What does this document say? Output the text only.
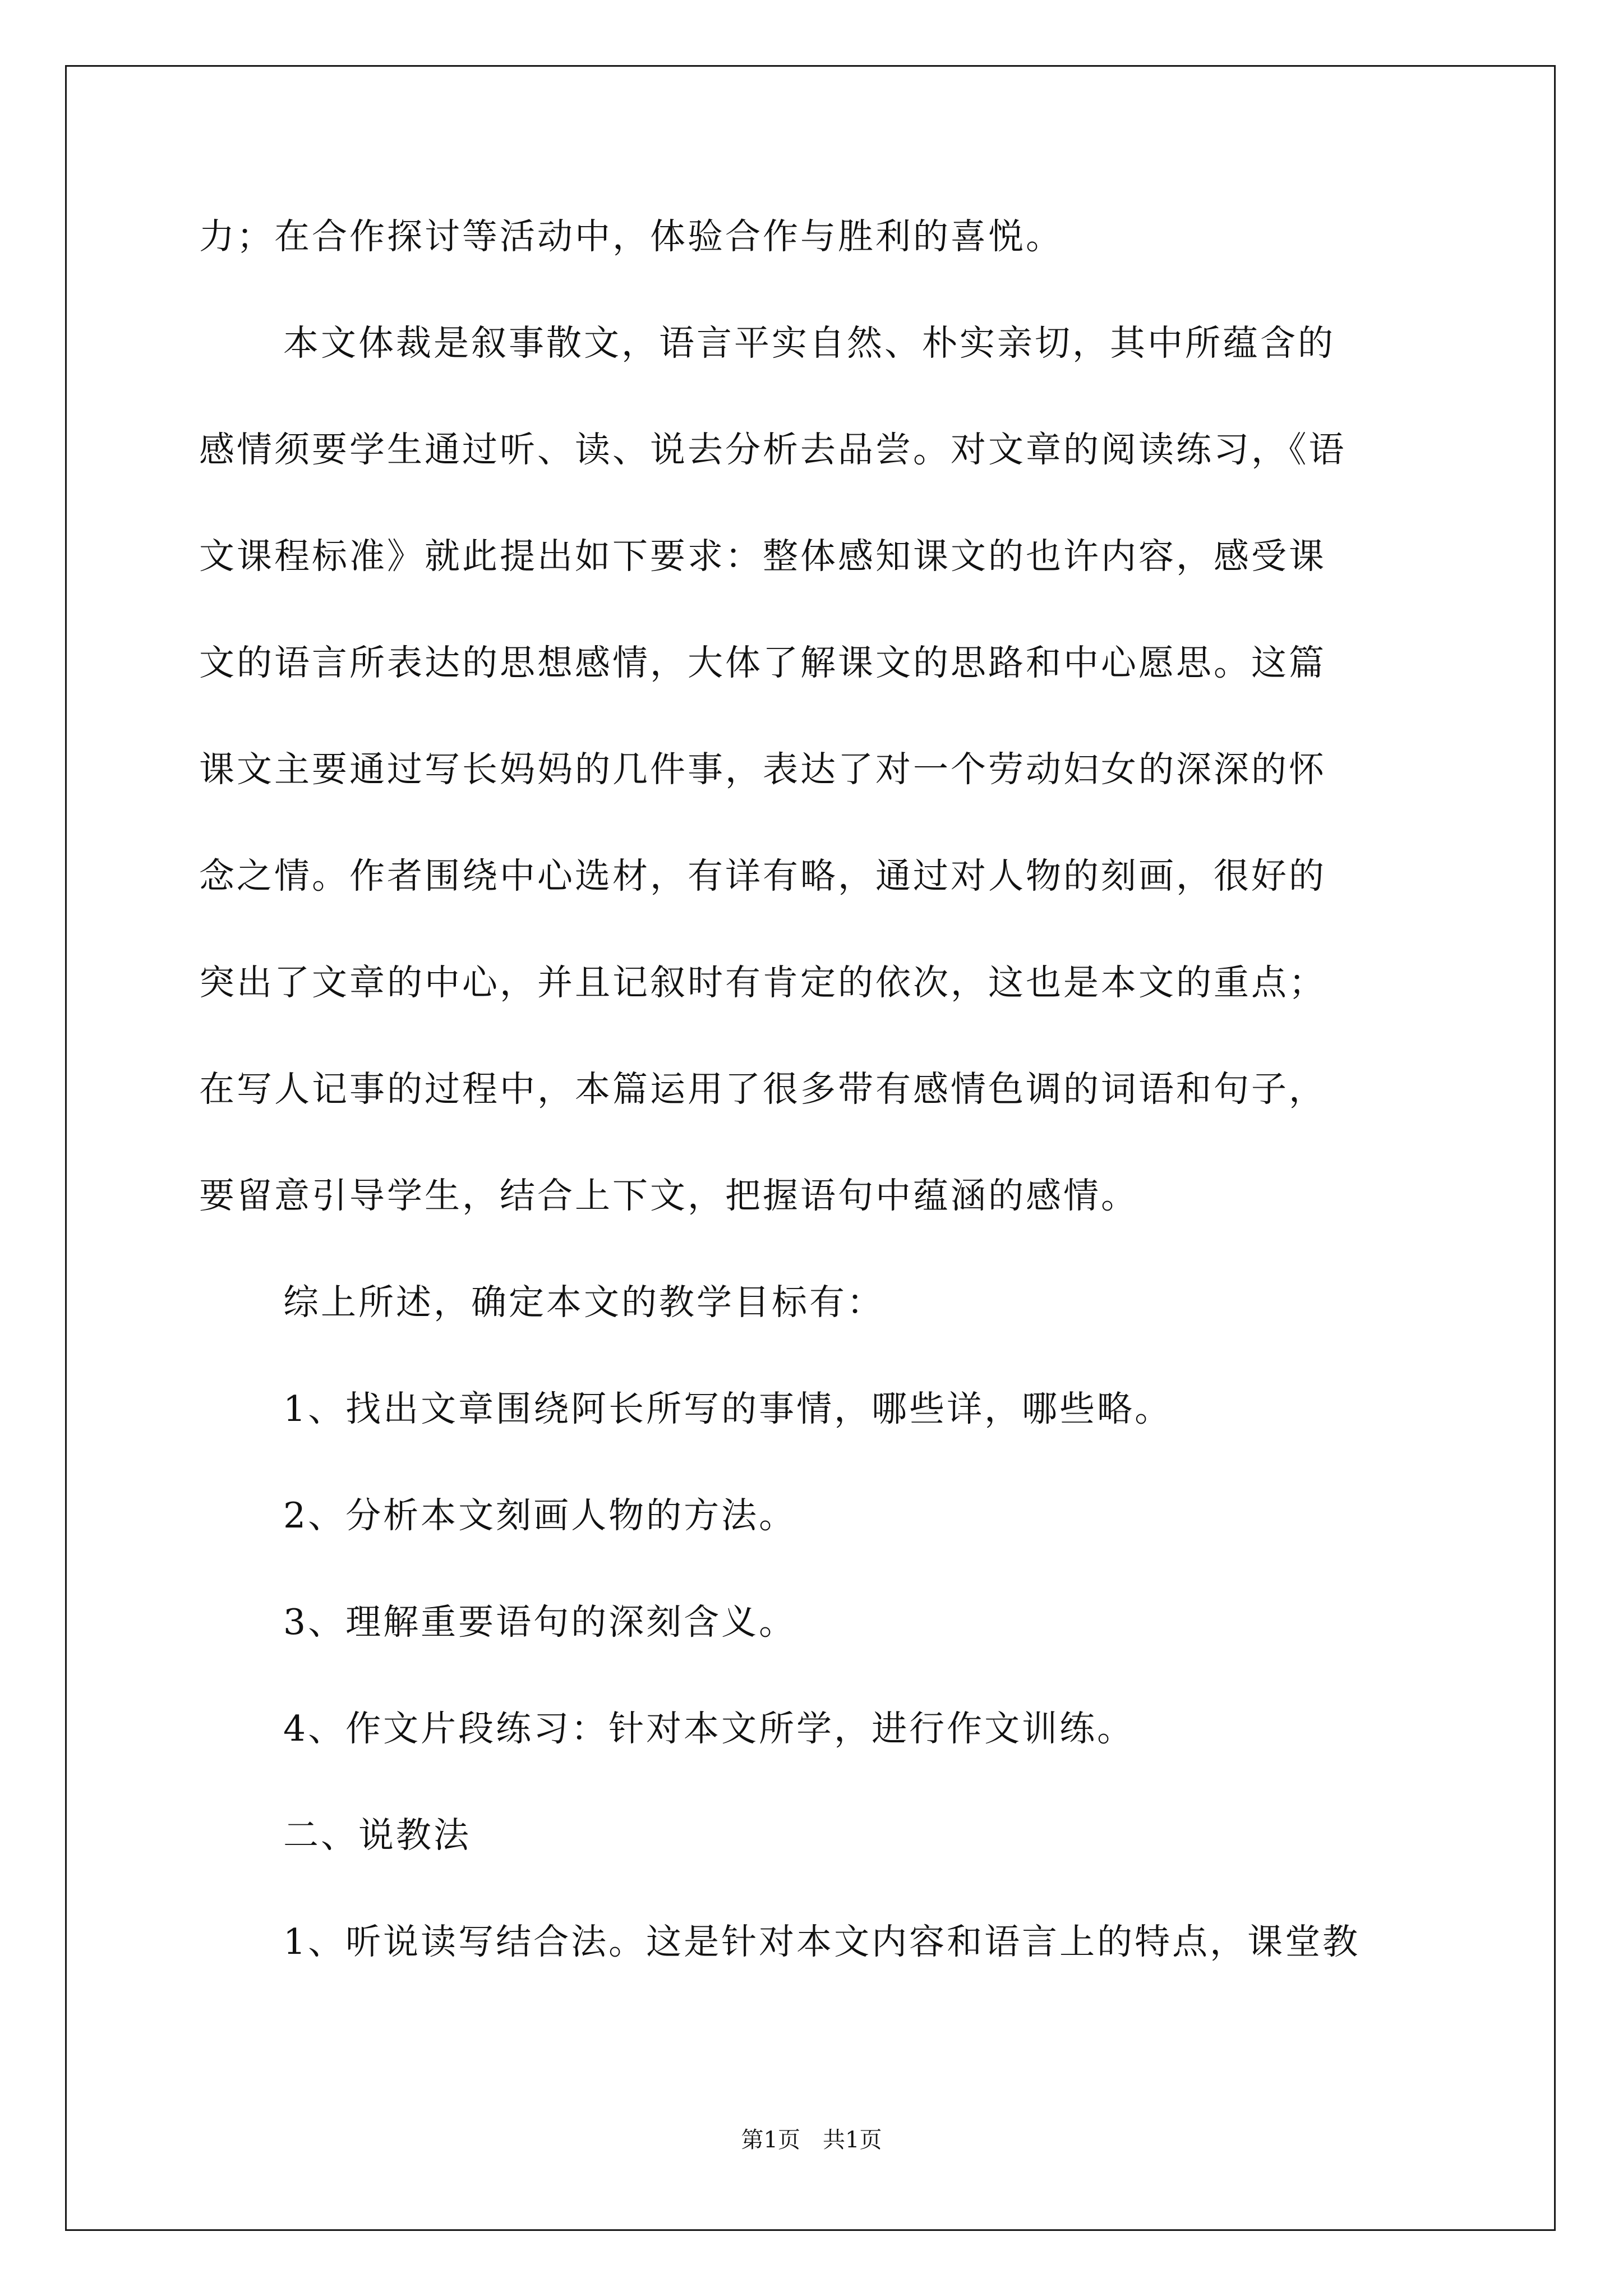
力；在合作探讨等活动中，体验合作与胜利的喜悦。
本文体裁是叙事散文，语言平实自然、朴实亲切，其中所蕴含的
感情须要学生通过听、读、说去分析去品尝。对文章的阅读练习，《语
文课程标准》就此提出如下要求：整体感知课文的也许内容，感受课
文的语言所表达的思想感情，大体了解课文的思路和中心愿思。这篇
课文主要通过写长妈妈的几件事，表达了对一个劳动妇女的深深的怀
念之情。作者围绕中心选材，有详有略，通过对人物的刻画，很好的
突出了文章的中心，并且记叙时有肯定的依次，这也是本文的重点；
在写人记事的过程中，本篇运用了很多带有感情色调的词语和句子，
要留意引导学生，结合上下文，把握语句中蕴涵的感情。
综上所述，确定本文的教学目标有：
1、找出文章围绕阿长所写的事情，哪些详，哪些略。
2、分析本文刻画人物的方法。
3、理解重要语句的深刻含义。
4、作文片段练习：针对本文所学，进行作文训练。
二、说教法
1、听说读写结合法。这是针对本文内容和语言上的特点，课堂教
第1页 共1页
